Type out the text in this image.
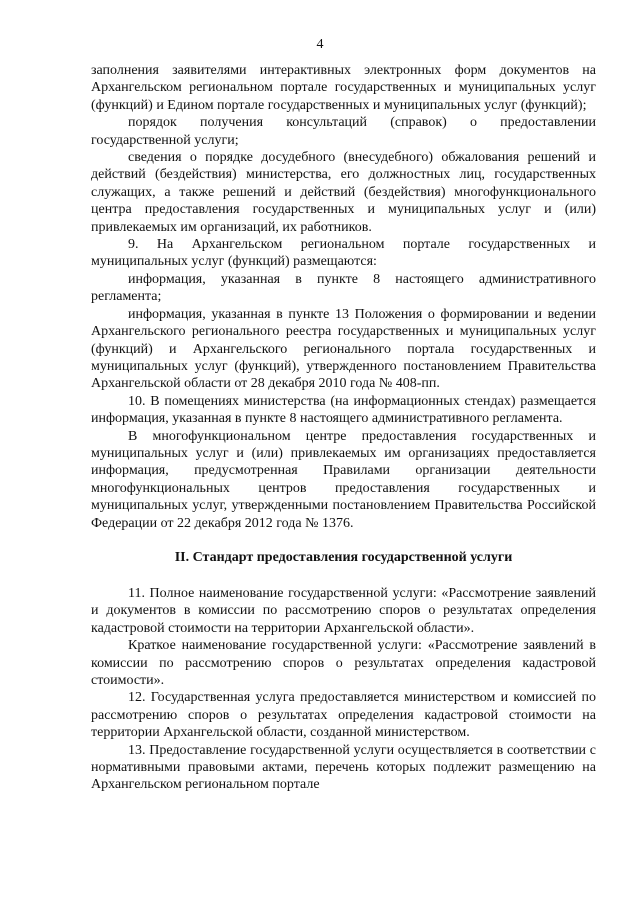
4

заполнения заявителями интерактивных электронных форм документов на Архангельском региональном портале государственных и муниципальных услуг (функций) и Едином портале государственных и муниципальных услуг (функций);

порядок получения консультаций (справок) о предоставлении государственной услуги;

сведения о порядке досудебного (внесудебного) обжалования решений и действий (бездействия) министерства, его должностных лиц, государственных служащих, а также решений и действий (бездействия) многофункционального центра предоставления государственных и муниципальных услуг и (или) привлекаемых им организаций, их работников.

9. На Архангельском региональном портале государственных и муниципальных услуг (функций) размещаются:

информация, указанная в пункте 8 настоящего административного регламента;

информация, указанная в пункте 13 Положения о формировании и ведении Архангельского регионального реестра государственных и муниципальных услуг (функций) и Архангельского регионального портала государственных и муниципальных услуг (функций), утвержденного постановлением Правительства Архангельской области от 28 декабря 2010 года № 408-пп.

10. В помещениях министерства (на информационных стендах) размещается информация, указанная в пункте 8 настоящего административного регламента.

В многофункциональном центре предоставления государственных и муниципальных услуг и (или) привлекаемых им организациях предоставляется информация, предусмотренная Правилами организации деятельности многофункциональных центров предоставления государственных и муниципальных услуг, утвержденными постановлением Правительства Российской Федерации от 22 декабря 2012 года № 1376.

II. Стандарт предоставления государственной услуги

11. Полное наименование государственной услуги: «Рассмотрение заявлений и документов в комиссии по рассмотрению споров о результатах определения кадастровой стоимости на территории Архангельской области».

Краткое наименование государственной услуги: «Рассмотрение заявлений в комиссии по рассмотрению споров о результатах определения кадастровой стоимости».

12. Государственная услуга предоставляется министерством и комиссией по рассмотрению споров о результатах определения кадастровой стоимости на территории Архангельской области, созданной министерством.

13. Предоставление государственной услуги осуществляется в соответствии с нормативными правовыми актами, перечень которых подлежит размещению на Архангельском региональном портале
